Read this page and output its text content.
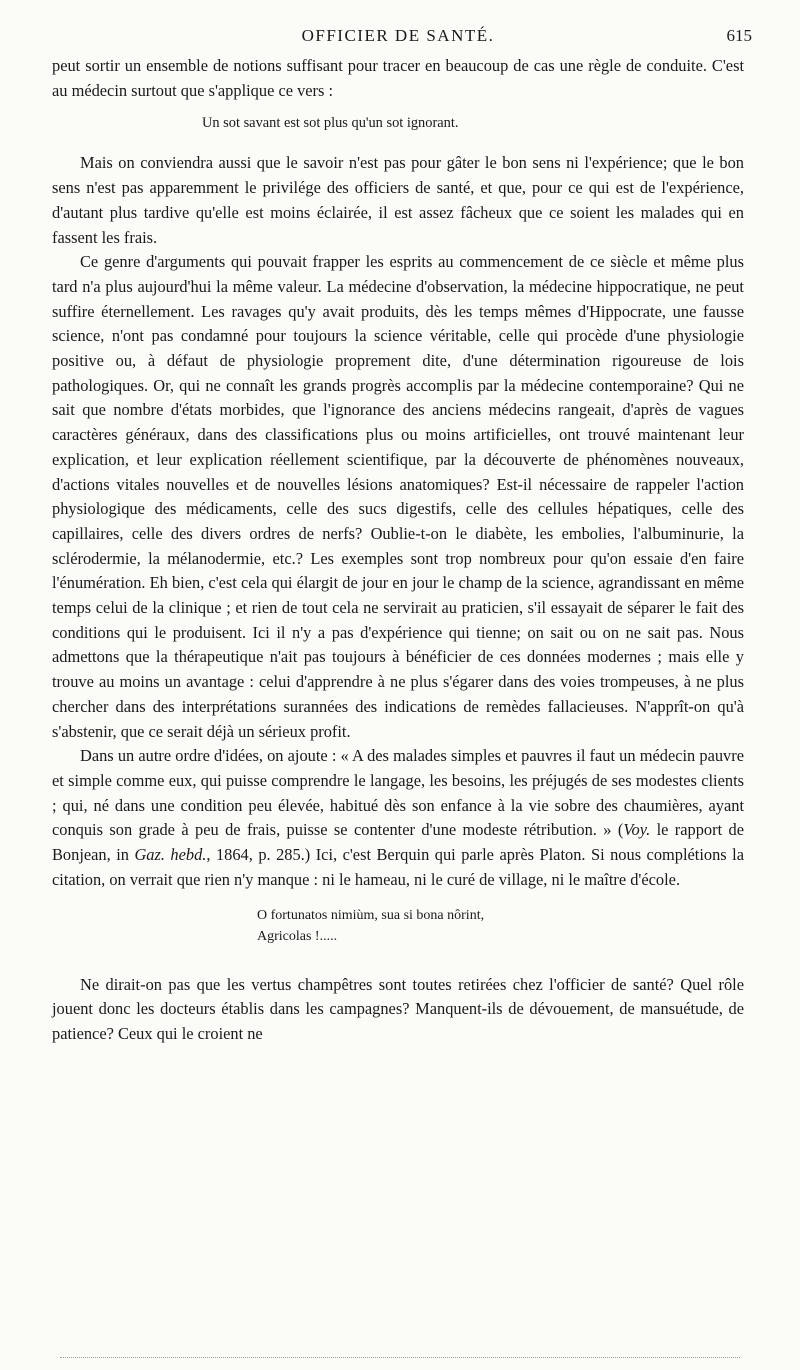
OFFICIER DE SANTÉ.	615

peut sortir un ensemble de notions suffisant pour tracer en beaucoup de cas une règle de conduite. C'est au médecin surtout que s'applique ce vers :

Un sot savant est sot plus qu'un sot ignorant.

Mais on conviendra aussi que le savoir n'est pas pour gâter le bon sens ni l'expérience; que le bon sens n'est pas apparemment le privilége des officiers de santé, et que, pour ce qui est de l'expérience, d'autant plus tardive qu'elle est moins éclairée, il est assez fâcheux que ce soient les malades qui en fassent les frais.

Ce genre d'arguments qui pouvait frapper les esprits au commencement de ce siècle et même plus tard n'a plus aujourd'hui la même valeur. La médecine d'observation, la médecine hippocratique, ne peut suffire éternellement. Les ravages qu'y avait produits, dès les temps mêmes d'Hippocrate, une fausse science, n'ont pas condamné pour toujours la science véritable, celle qui procède d'une physiologie positive ou, à défaut de physiologie proprement dite, d'une détermination rigoureuse de lois pathologiques. Or, qui ne connaît les grands progrès accomplis par la médecine contemporaine? Qui ne sait que nombre d'états morbides, que l'ignorance des anciens médecins rangeait, d'après de vagues caractères généraux, dans des classifications plus ou moins artificielles, ont trouvé maintenant leur explication, et leur explication réellement scientifique, par la découverte de phénomènes nouveaux, d'actions vitales nouvelles et de nouvelles lésions anatomiques? Est-il nécessaire de rappeler l'action physiologique des médicaments, celle des sucs digestifs, celle des cellules hépatiques, celle des capillaires, celle des divers ordres de nerfs? Oublie-t-on le diabète, les embolies, l'albuminurie, la sclérodermie, la mélanodermie, etc.? Les exemples sont trop nombreux pour qu'on essaie d'en faire l'énumération. Eh bien, c'est cela qui élargit de jour en jour le champ de la science, agrandissant en même temps celui de la clinique ; et rien de tout cela ne servirait au praticien, s'il essayait de séparer le fait des conditions qui le produisent. Ici il n'y a pas d'expérience qui tienne; on sait ou on ne sait pas. Nous admettons que la thérapeutique n'ait pas toujours à bénéficier de ces données modernes ; mais elle y trouve au moins un avantage : celui d'apprendre à ne plus s'égarer dans des voies trompeuses, à ne plus chercher dans des interprétations surannées des indications de remèdes fallacieuses. N'apprît-on qu'à s'abstenir, que ce serait déjà un sérieux profit.

Dans un autre ordre d'idées, on ajoute : « A des malades simples et pauvres il faut un médecin pauvre et simple comme eux, qui puisse comprendre le langage, les besoins, les préjugés de ses modestes clients ; qui, né dans une condition peu élevée, habitué dès son enfance à la vie sobre des chaumières, ayant conquis son grade à peu de frais, puisse se contenter d'une modeste rétribution. » (Voy. le rapport de Bonjean, in Gaz. hebd., 1864, p. 285.) Ici, c'est Berquin qui parle après Platon. Si nous complétions la citation, on verrait que rien n'y manque : ni le hameau, ni le curé de village, ni le maître d'école.

O fortunatos nimiùm, sua si bona nôrint,
Agricolas !.....

Ne dirait-on pas que les vertus champêtres sont toutes retirées chez l'officier de santé? Quel rôle jouent donc les docteurs établis dans les campagnes? Manquent-ils de dévouement, de mansuétude, de patience? Ceux qui le croient ne
